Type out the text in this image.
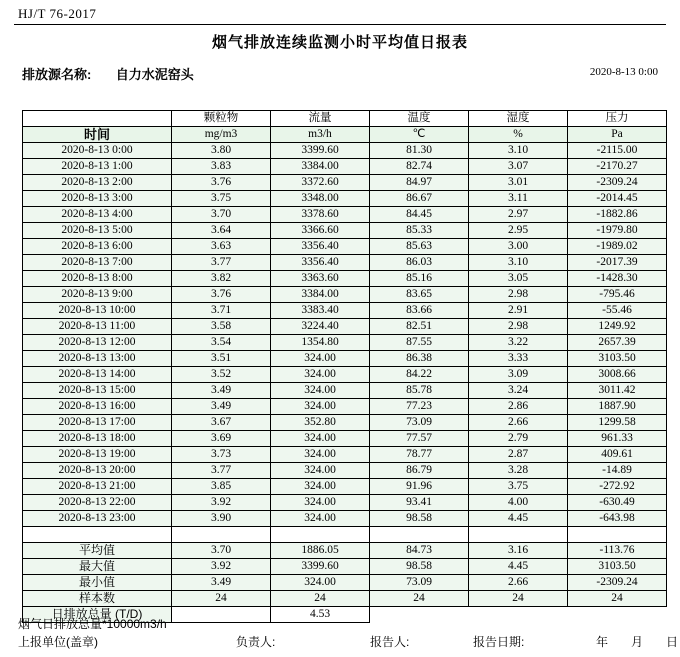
HJ/T 76-2017
烟气排放连续监测小时平均值日报表
排放源名称: 自力水泥窑头	2020-8-13 0:00
	颗粒物	流量	温度	湿度	压力
时间	mg/m3	m3/h	℃	%	Pa
2020-8-13 0:00	3.80	3399.60	81.30	3.10	-2115.00
2020-8-13 1:00	3.83	3384.00	82.74	3.07	-2170.27
2020-8-13 2:00	3.76	3372.60	84.97	3.01	-2309.24
2020-8-13 3:00	3.75	3348.00	86.67	3.11	-2014.45
2020-8-13 4:00	3.70	3378.60	84.45	2.97	-1882.86
2020-8-13 5:00	3.64	3366.60	85.33	2.95	-1979.80
2020-8-13 6:00	3.63	3356.40	85.63	3.00	-1989.02
2020-8-13 7:00	3.77	3356.40	86.03	3.10	-2017.39
2020-8-13 8:00	3.82	3363.60	85.16	3.05	-1428.30
2020-8-13 9:00	3.76	3384.00	83.65	2.98	-795.46
2020-8-13 10:00	3.71	3383.40	83.66	2.91	-55.46
2020-8-13 11:00	3.58	3224.40	82.51	2.98	1249.92
2020-8-13 12:00	3.54	1354.80	87.55	3.22	2657.39
2020-8-13 13:00	3.51	324.00	86.38	3.33	3103.50
2020-8-13 14:00	3.52	324.00	84.22	3.09	3008.66
2020-8-13 15:00	3.49	324.00	85.78	3.24	3011.42
2020-8-13 16:00	3.49	324.00	77.23	2.86	1887.90
2020-8-13 17:00	3.67	352.80	73.09	2.66	1299.58
2020-8-13 18:00	3.69	324.00	77.57	2.79	961.33
2020-8-13 19:00	3.73	324.00	78.77	2.87	409.61
2020-8-13 20:00	3.77	324.00	86.79	3.28	-14.89
2020-8-13 21:00	3.85	324.00	91.96	3.75	-272.92
2020-8-13 22:00	3.92	324.00	93.41	4.00	-630.49
2020-8-13 23:00	3.90	324.00	98.58	4.45	-643.98

平均值	3.70	1886.05	84.73	3.16	-113.76
最大值	3.92	3399.60	98.58	4.45	3103.50
最小值	3.49	324.00	73.09	2.66	-2309.24
样本数	24	24	24	24	24
日排放总量 (T/D)		4.53			
烟气日排放总量*10000m3/h
上报单位(盖章)	负责人:	报告人:	报告日期:	年 月 日
